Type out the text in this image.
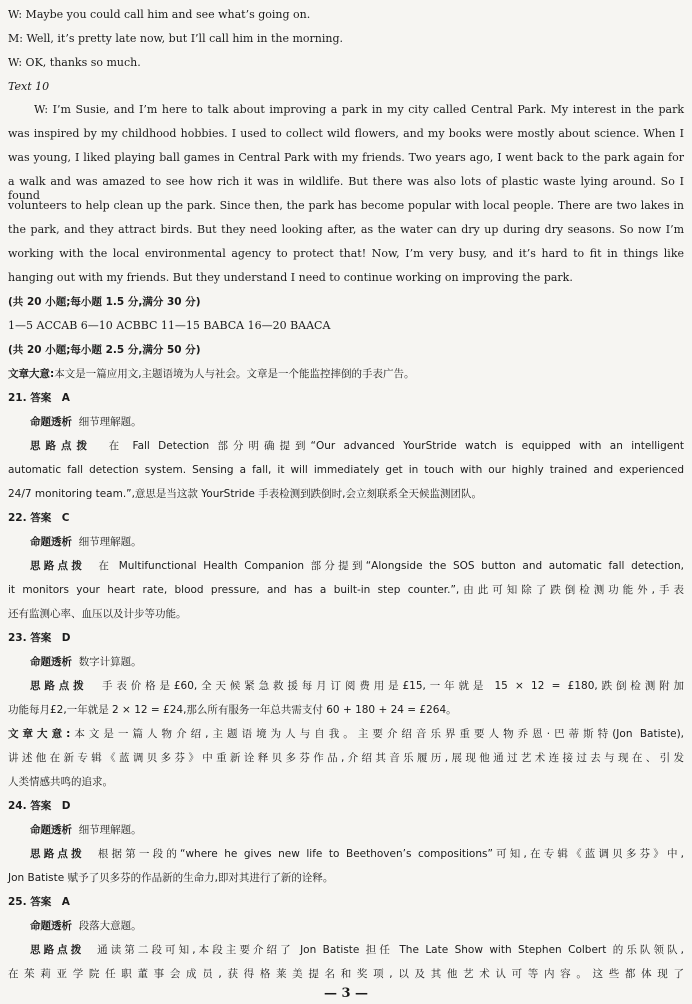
W: Maybe you could call him and see what’s going on.
M: Well, it’s pretty late now, but I’ll call him in the morning.
W: OK, thanks so much.
Text 10
W: I’m Susie, and I’m here to talk about improving a park in my city called Central Park. My interest in the park
was inspired by my childhood hobbies. I used to collect wild flowers, and my books were mostly about science. When I
was young, I liked playing ball games in Central Park with my friends. Two years ago, I went back to the park again for
a walk and was amazed to see how rich it was in wildlife. But there was also lots of plastic waste lying around. So I found
volunteers to help clean up the park. Since then, the park has become popular with local people. There are two lakes in
the park, and they attract birds. But they need looking after, as the water can dry up during dry seasons. So now I’m
working with the local environmental agency to protect that! Now, I’m very busy, and it’s hard to fit in things like
hanging out with my friends. But they understand I need to continue working on improving the park.
(共 20 小题;每小题 1.5 分,满分 30 分)
1—5 ACCAB 6—10 ACBBC 11—15 BABCA 16—20 BAACA
(共 20 小题;每小题 2.5 分,满分 50 分)
文章大意:本文是一篇应用文,主题语境为人与社会。文章是一个能监控摔倒的手表广告。
21. 答案　A
命题透析 细节理解题。
思路点拨 在 Fall Detection 部分明确提到“Our advanced YourStride watch is equipped with an intelligent
automatic fall detection system. Sensing a fall, it will immediately get in touch with our highly trained and experienced
24/7 monitoring team.”,意思是当这款 YourStride 手表检测到跌倒时,会立刻联系全天候监测团队。
22. 答案　C
命题透析 细节理解题。
思路点拨 在 Multifunctional Health Companion 部分提到“Alongside the SOS button and automatic fall detection,
it monitors your heart rate, blood pressure, and has a built-in step counter.”,由此可知除了跌倒检测功能外,手表
还有监测心率、血压以及计步等功能。
23. 答案　D
命题透析 数字计算题。
思路点拨 手表价格是£60,全天候紧急救援每月订阅费用是£15,一年就是 15 × 12 = £180,跌倒检测附加
功能每月£2,一年就是 2 × 12 = £24,那么所有服务一年总共需支付 60 + 180 + 24 = £264。
文章大意:本文是一篇人物介绍,主题语境为人与自我。主要介绍音乐界重要人物乔恩·巴蒂斯特(Jon Batiste),
讲述他在新专辑《蓝调贝多芬》中重新诠释贝多芬作品,介绍其音乐履历,展现他通过艺术连接过去与现在、引发
人类情感共鸣的追求。
24. 答案　D
命题透析 细节理解题。
思路点拨 根据第一段的“where he gives new life to Beethoven’s compositions”可知,在专辑《蓝调贝多芬》中,
Jon Batiste 赋予了贝多芬的作品新的生命力,即对其进行了新的诠释。
25. 答案　A
命题透析 段落大意题。
思路点拨 通读第二段可知,本段主要介绍了 Jon Batiste 担任 The Late Show with Stephen Colbert 的乐队领队,
在茱莉亚学院任职董事会成员,获得格莱美提名和奖项,以及其他艺术认可等内容。这些都体现了
— 3 —
